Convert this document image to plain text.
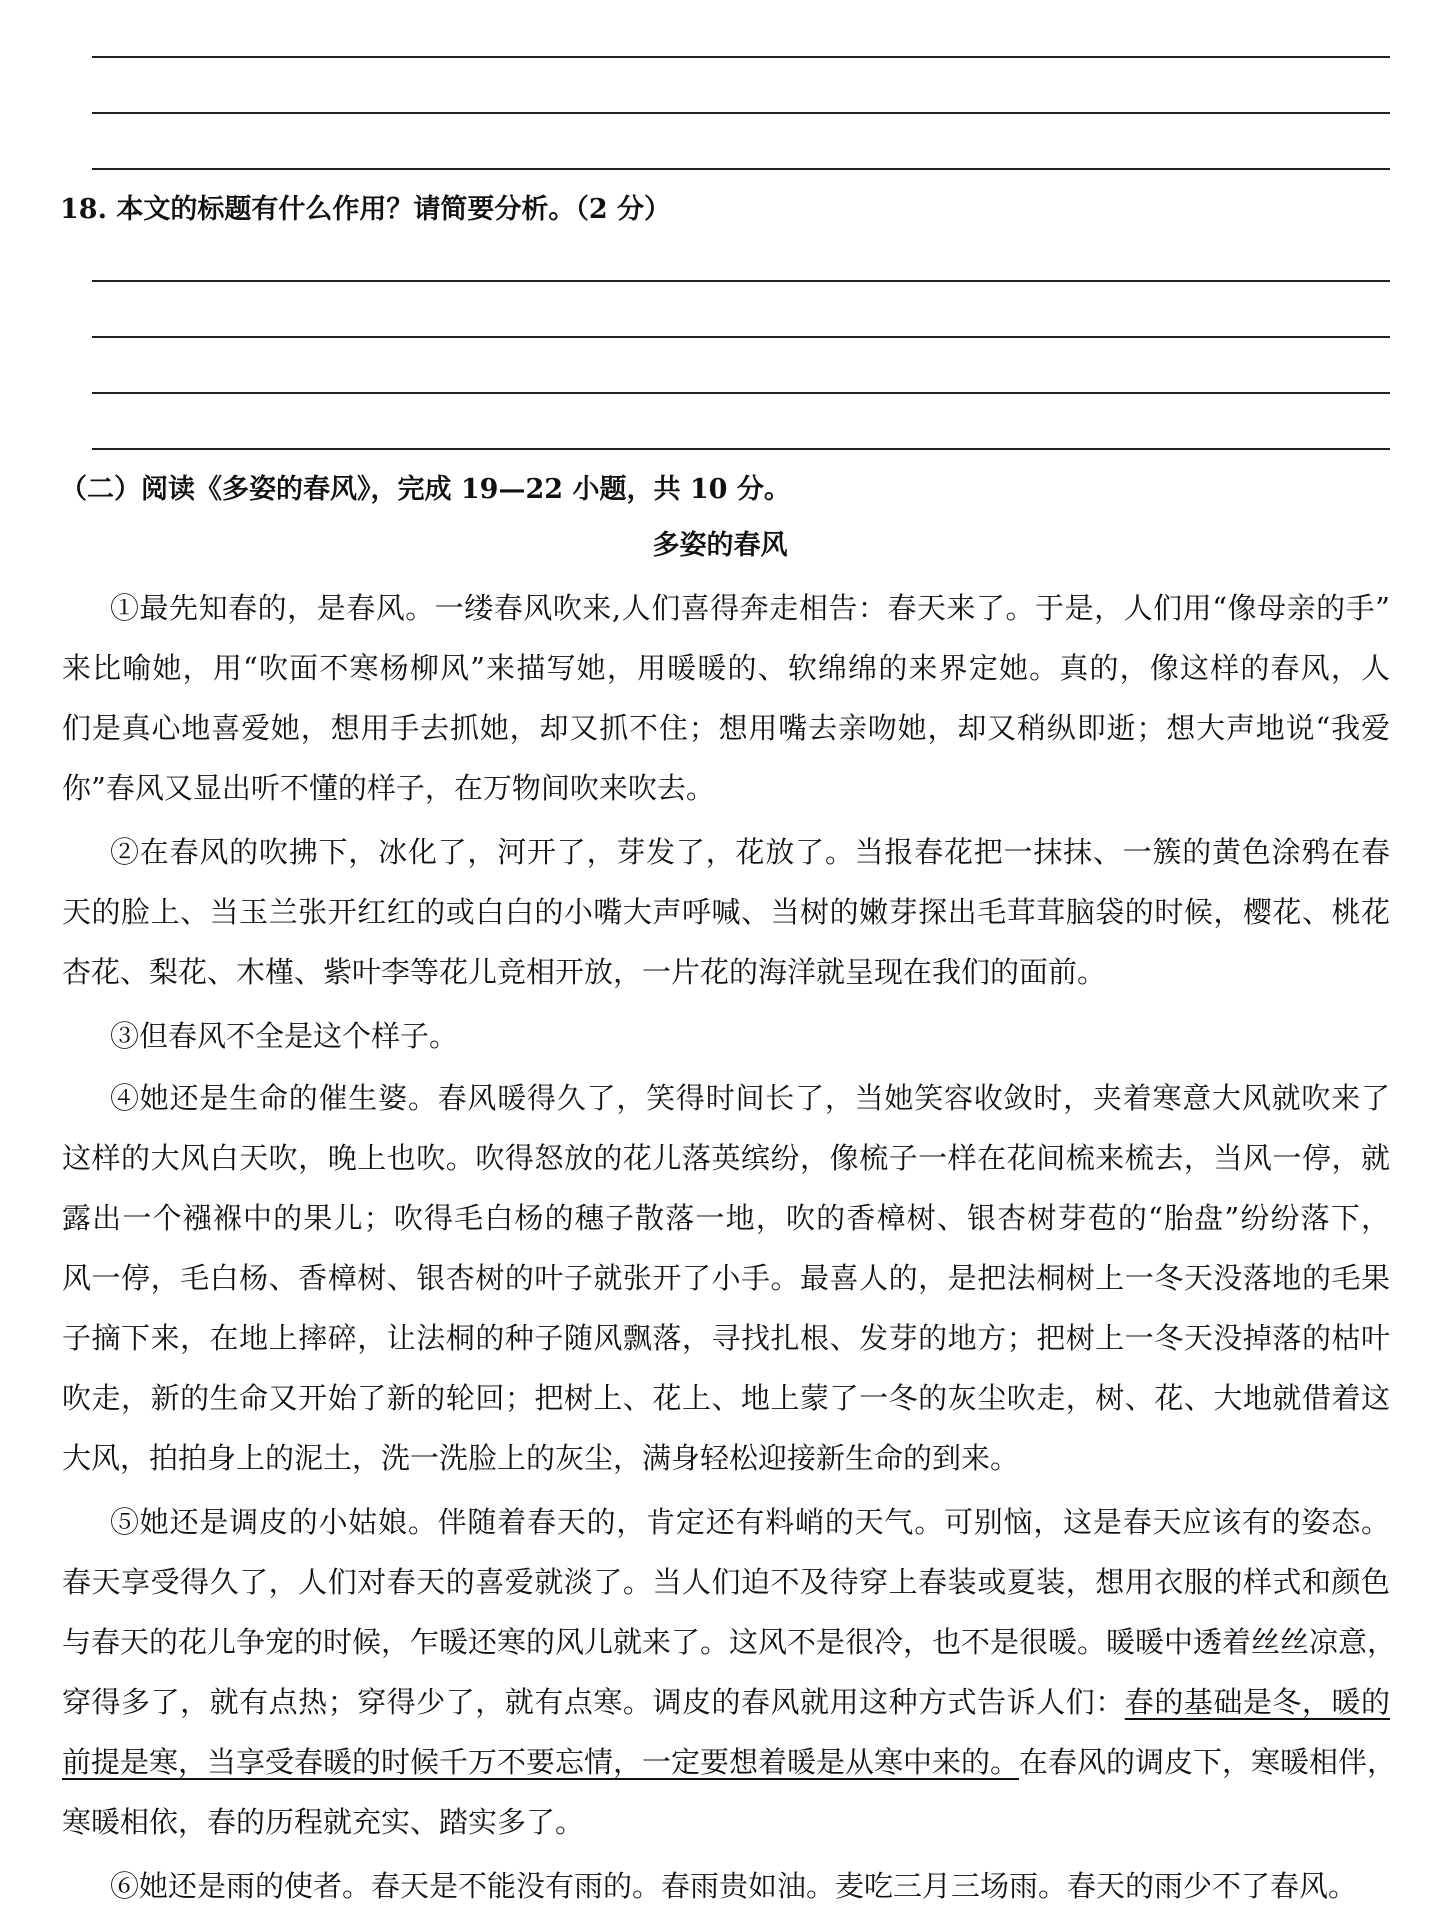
18. 本文的标题有什么作用？请简要分析。（2 分）
（二）阅读《多姿的春风》，完成 19—22 小题，共 10 分。
多姿的春风
①最先知春的，是春风。一缕春风吹来,人们喜得奔走相告：春天来了。于是，人们用“像母亲的手”
来比喻她，用“吹面不寒杨柳风”来描写她，用暖暖的、软绵绵的来界定她。真的，像这样的春风，人
们是真心地喜爱她，想用手去抓她，却又抓不住；想用嘴去亲吻她，却又稍纵即逝；想大声地说“我爱
你”春风又显出听不懂的样子，在万物间吹来吹去。
②在春风的吹拂下，冰化了，河开了，芽发了，花放了。当报春花把一抹抹、一簇的黄色涂鸦在春
天的脸上、当玉兰张开红红的或白白的小嘴大声呼喊、当树的嫩芽探出毛茸茸脑袋的时候，樱花、桃花
杏花、梨花、木槿、紫叶李等花儿竞相开放，一片花的海洋就呈现在我们的面前。
③但春风不全是这个样子。
④她还是生命的催生婆。春风暖得久了，笑得时间长了，当她笑容收敛时，夹着寒意大风就吹来了
这样的大风白天吹，晚上也吹。吹得怒放的花儿落英缤纷，像梳子一样在花间梳来梳去，当风一停，就
露出一个襁褓中的果儿；吹得毛白杨的穗子散落一地，吹的香樟树、银杏树芽苞的“胎盘”纷纷落下，
风一停，毛白杨、香樟树、银杏树的叶子就张开了小手。最喜人的，是把法桐树上一冬天没落地的毛果
子摘下来，在地上摔碎，让法桐的种子随风飘落，寻找扎根、发芽的地方；把树上一冬天没掉落的枯叶
吹走，新的生命又开始了新的轮回；把树上、花上、地上蒙了一冬的灰尘吹走，树、花、大地就借着这
大风，拍拍身上的泥土，洗一洗脸上的灰尘，满身轻松迎接新生命的到来。
⑤她还是调皮的小姑娘。伴随着春天的，肯定还有料峭的天气。可别恼，这是春天应该有的姿态。
春天享受得久了，人们对春天的喜爱就淡了。当人们迫不及待穿上春装或夏装，想用衣服的样式和颜色
与春天的花儿争宠的时候，乍暖还寒的风儿就来了。这风不是很冷，也不是很暖。暖暖中透着丝丝凉意，
穿得多了，就有点热；穿得少了，就有点寒。调皮的春风就用这种方式告诉人们：春的基础是冬，暖的
前提是寒，当享受春暖的时候千万不要忘情，一定要想着暖是从寒中来的。在春风的调皮下，寒暖相伴，
寒暖相依，春的历程就充实、踏实多了。
⑥她还是雨的使者。春天是不能没有雨的。春雨贵如油。麦吃三月三场雨。春天的雨少不了春风。
